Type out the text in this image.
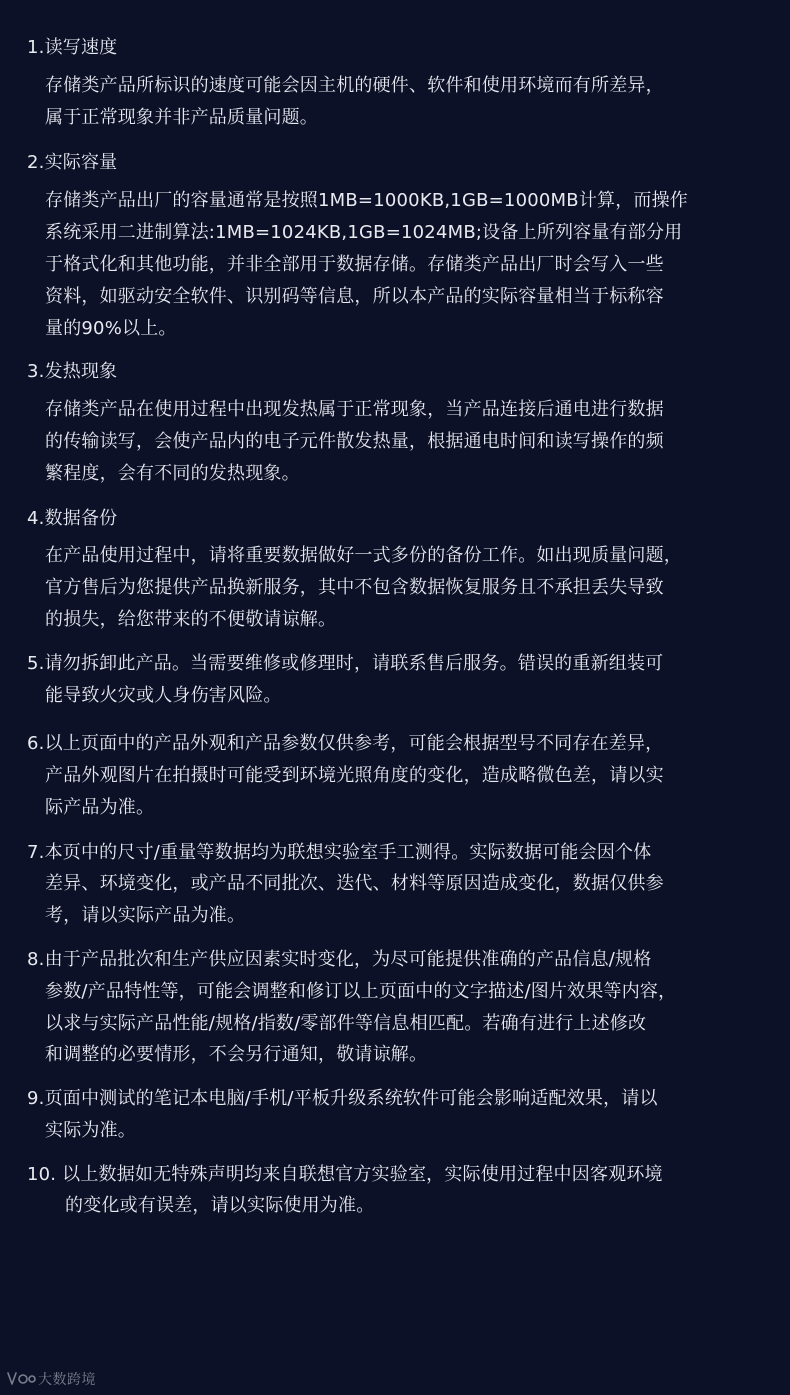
1.读写速度
存储类产品所标识的速度可能会因主机的硬件、软件和使用环境而有所差异，
属于正常现象并非产品质量问题。
2.实际容量
存储类产品出厂的容量通常是按照1MB=1000KB,1GB=1000MB计算，而操作
系统采用二进制算法:1MB=1024KB,1GB=1024MB;设备上所列容量有部分用
于格式化和其他功能，并非全部用于数据存储。存储类产品出厂时会写入一些
资料，如驱动安全软件、识别码等信息，所以本产品的实际容量相当于标称容
量的90%以上。
3.发热现象
存储类产品在使用过程中出现发热属于正常现象，当产品连接后通电进行数据
的传输读写，会使产品内的电子元件散发热量，根据通电时间和读写操作的频
繁程度，会有不同的发热现象。
4.数据备份
在产品使用过程中，请将重要数据做好一式多份的备份工作。如出现质量问题，
官方售后为您提供产品换新服务，其中不包含数据恢复服务且不承担丢失导致
的损失，给您带来的不便敬请谅解。
5.请勿拆卸此产品。当需要维修或修理时，请联系售后服务。错误的重新组装可
能导致火灾或人身伤害风险。
6.以上页面中的产品外观和产品参数仅供参考，可能会根据型号不同存在差异，
产品外观图片在拍摄时可能受到环境光照角度的变化，造成略微色差，请以实
际产品为准。
7.本页中的尺寸/重量等数据均为联想实验室手工测得。实际数据可能会因个体
差异、环境变化，或产品不同批次、迭代、材料等原因造成变化，数据仅供参
考，请以实际产品为准。
8.由于产品批次和生产供应因素实时变化，为尽可能提供准确的产品信息/规格
参数/产品特性等，可能会调整和修订以上页面中的文字描述/图片效果等内容，
以求与实际产品性能/规格/指数/零部件等信息相匹配。若确有进行上述修改
和调整的必要情形，不会另行通知，敬请谅解。
9.页面中测试的笔记本电脑/手机/平板升级系统软件可能会影响适配效果，请以
实际为准。
10. 以上数据如无特殊声明均来自联想官方实验室，实际使用过程中因客观环境
的变化或有误差，请以实际使用为准。
大数跨境
